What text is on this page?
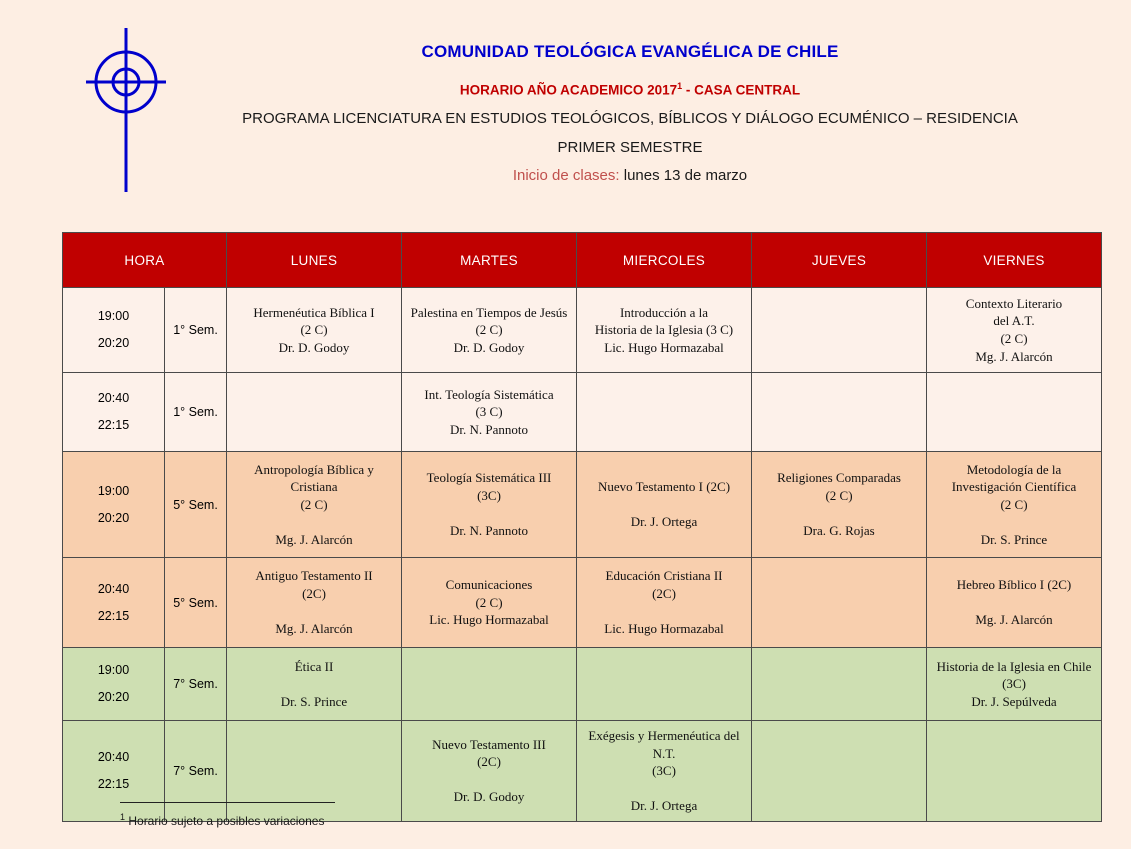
COMUNIDAD TEOLÓGICA EVANGÉLICA DE CHILE
HORARIO AÑO ACADEMICO 2017$^1$ - CASA CENTRAL
PROGRAMA LICENCIATURA EN ESTUDIOS TEOLÓGICOS, BÍBLICOS Y DIÁLOGO ECUMÉNICO – RESIDENCIA
PRIMER SEMESTRE
Inicio de clases: lunes 13 de marzo
HORA		LUNES	MARTES	MIERCOLES	JUEVES	VIERNES
19:00
20:20	1° Sem.	Hermenéutica Bíblica I
(2 C)
Dr. D. Godoy	Palestina en Tiempos de Jesús
(2 C)
Dr. D. Godoy	Introducción a la
Historia de la Iglesia (3 C)
Lic. Hugo Hormazabal		Contexto Literario
del A.T.
(2 C)
Mg. J. Alarcón
20:40
22:15	1° Sem.		Int. Teología Sistemática
(3 C)
Dr. N. Pannoto			
19:00
20:20	5° Sem.	Antropología Bíblica y Cristiana
(2 C)

Mg. J. Alarcón	Teología Sistemática III
(3C)

Dr. N. Pannoto	Nuevo Testamento I (2C)

Dr. J. Ortega	Religiones Comparadas
(2 C)

Dra. G. Rojas	Metodología de la Investigación Científica
(2 C)

Dr. S. Prince
20:40
22:15	5° Sem.	Antiguo Testamento II
(2C)

Mg. J. Alarcón	Comunicaciones
(2 C)
Lic. Hugo Hormazabal	Educación Cristiana II
(2C)

Lic. Hugo Hormazabal		Hebreo Bíblico I (2C)

Mg. J. Alarcón
19:00
20:20	7° Sem.	Ética II

Dr. S. Prince				Historia de la Iglesia en Chile (3C)
Dr. J. Sepúlveda
20:40
22:15	7° Sem.		Nuevo Testamento III
(2C)

Dr. D. Godoy	Exégesis y Hermenéutica del N.T.
(3C)

Dr. J. Ortega		
$^1$ Horario sujeto a posibles variaciones
